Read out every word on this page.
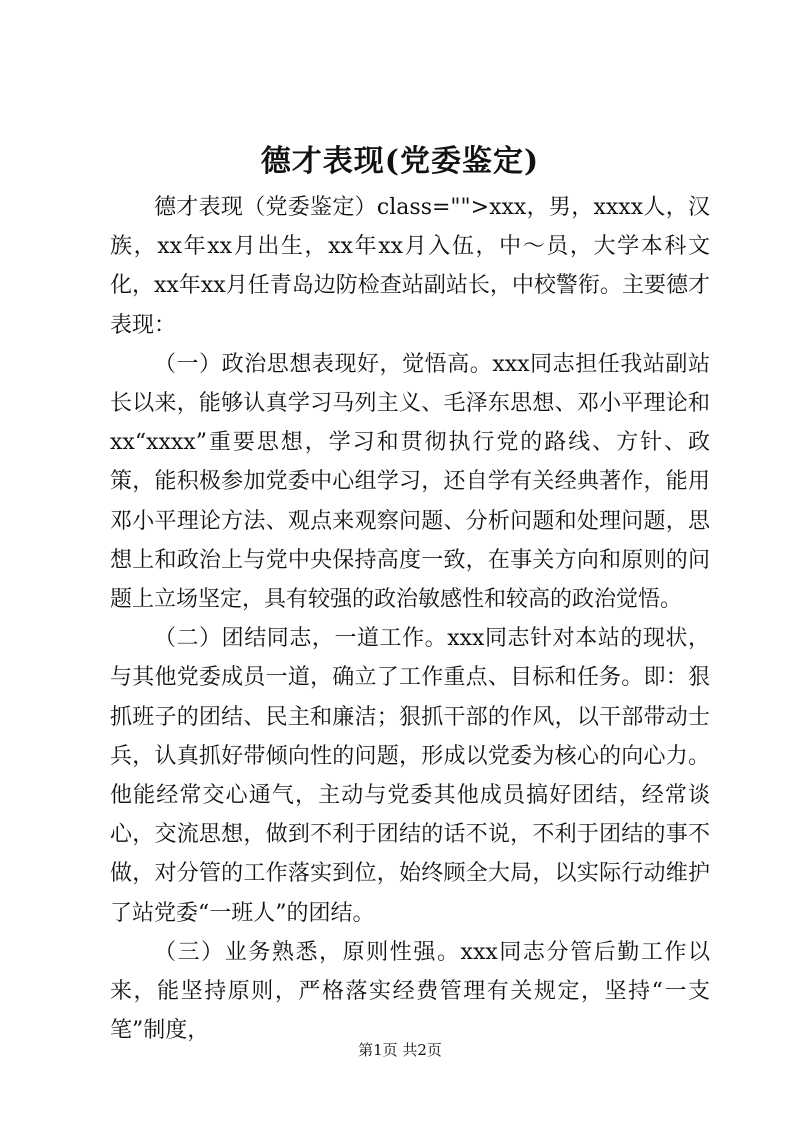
德才表现(党委鉴定)

德才表现（党委鉴定）class="">xxx，男，xxxx人，汉族，xx年xx月出生，xx年xx月入伍，中～员，大学本科文化，xx年xx月任青岛边防检查站副站长，中校警衔。主要德才表现：

（一）政治思想表现好，觉悟高。xxx同志担任我站副站长以来，能够认真学习马列主义、毛泽东思想、邓小平理论和xx“xxxx”重要思想，学习和贯彻执行党的路线、方针、政策，能积极参加党委中心组学习，还自学有关经典著作，能用邓小平理论方法、观点来观察问题、分析问题和处理问题，思想上和政治上与党中央保持高度一致，在事关方向和原则的问题上立场坚定，具有较强的政治敏感性和较高的政治觉悟。

（二）团结同志，一道工作。xxx同志针对本站的现状，与其他党委成员一道，确立了工作重点、目标和任务。即：狠抓班子的团结、民主和廉洁；狠抓干部的作风，以干部带动士兵，认真抓好带倾向性的问题，形成以党委为核心的向心力。他能经常交心通气，主动与党委其他成员搞好团结，经常谈心，交流思想，做到不利于团结的话不说，不利于团结的事不做，对分管的工作落实到位，始终顾全大局，以实际行动维护了站党委“一班人”的团结。

（三）业务熟悉，原则性强。xxx同志分管后勤工作以来，能坚持原则，严格落实经费管理有关规定，坚持“一支笔”制度，

第1页 共2页
